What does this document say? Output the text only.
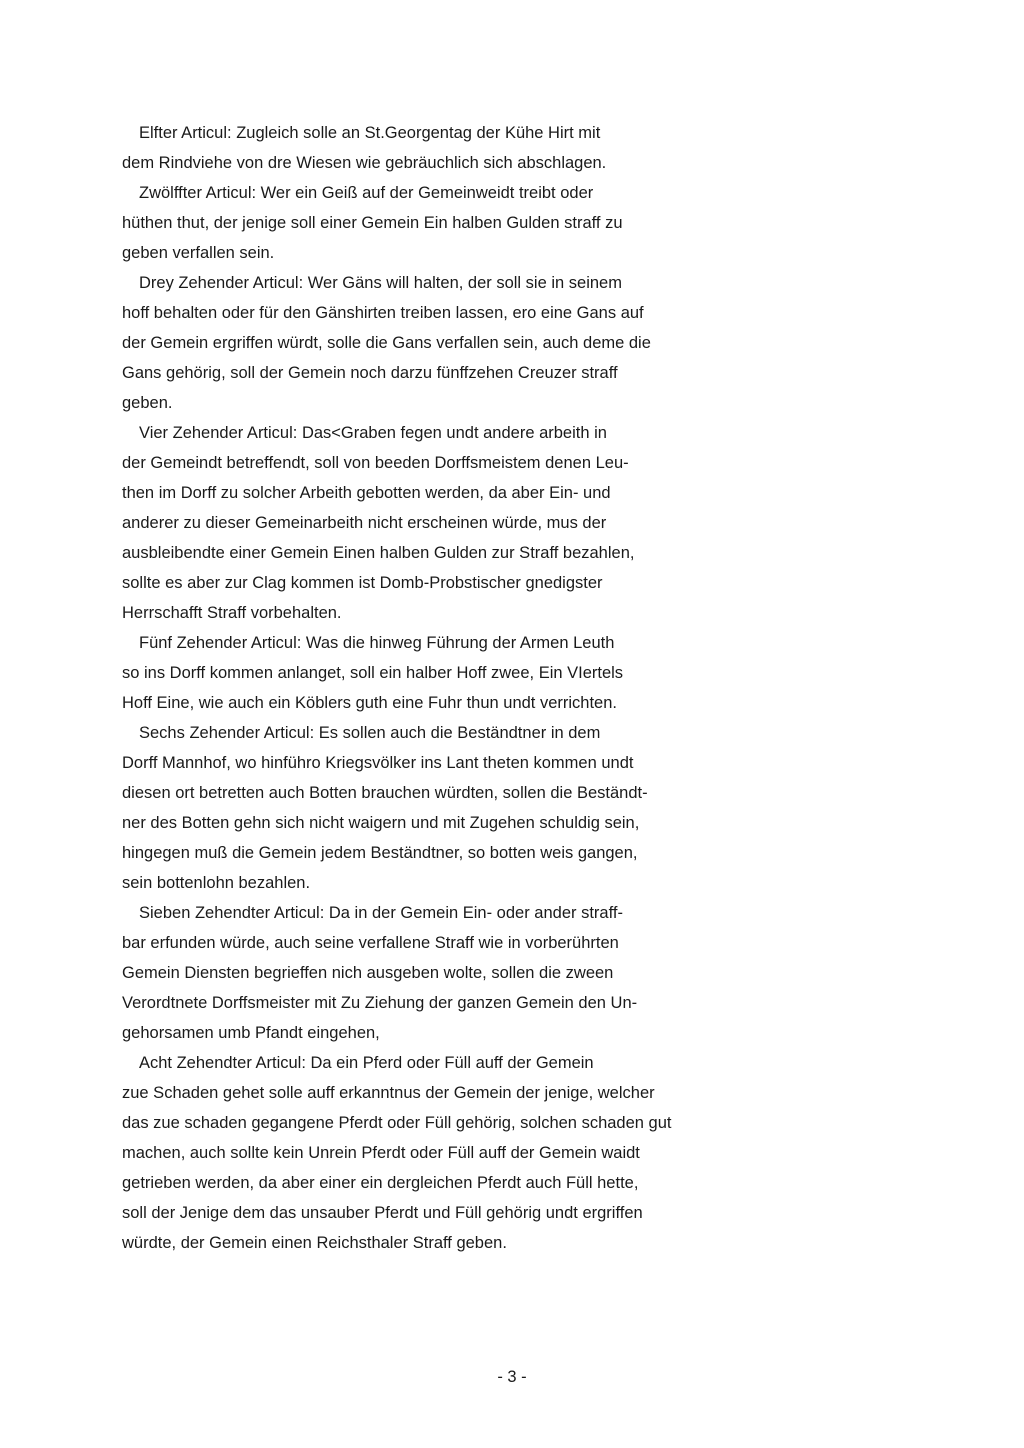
Elfter Articul: Zugleich solle an St.Georgentag der Kühe Hirt mit
dem Rindviehe von dre Wiesen wie gebräuchlich sich abschlagen.
Zwölffter Articul: Wer ein Geiß auf der Gemeinweidt treibt oder
hüthen thut, der jenige soll einer Gemein Ein halben Gulden straff zu
geben verfallen sein.
Drey Zehender Articul: Wer Gäns will halten, der soll sie in seinem
hoff behalten oder für den Gänshirten treiben lassen, ero eine Gans auf
der Gemein ergriffen würdt, solle die Gans verfallen sein, auch deme die
Gans gehörig, soll der Gemein noch darzu fünffzehen Creuzer straff
geben.
Vier Zehender Articul: Das<Graben fegen undt andere arbeith in
der Gemeindt betreffendt, soll von beeden Dorffsmeistem denen Leu-
then im Dorff zu solcher Arbeith gebotten werden, da aber Ein- und
anderer zu dieser Gemeinarbeith nicht erscheinen würde, mus der
ausbleibendte einer Gemein Einen halben Gulden zur Straff bezahlen,
sollte es aber zur Clag kommen ist Domb-Probstischer gnedigster
Herrschafft Straff vorbehalten.
Fünf Zehender Articul: Was die hinweg Führung der Armen Leuth
so ins Dorff kommen anlanget, soll ein halber Hoff zwee, Ein VIertels
Hoff Eine, wie auch ein Köblers guth eine Fuhr thun undt verrichten.
Sechs Zehender Articul: Es sollen auch die Beständtner in dem
Dorff Mannhof, wo hinführo Kriegsvölker ins Lant theten kommen undt
diesen ort betretten auch Botten brauchen würdten, sollen die Beständt-
ner des Botten gehn sich nicht waigern und mit Zugehen schuldig sein,
hingegen muß die Gemein jedem Beständtner, so botten weis gangen,
sein bottenlohn bezahlen.
Sieben Zehendter Articul: Da in der Gemein Ein- oder ander straff-
bar erfunden würde, auch seine verfallene Straff wie in vorberührten
Gemein Diensten begrieffen nich ausgeben wolte, sollen die zween
Verordtnete Dorffsmeister mit Zu Ziehung der ganzen Gemein den Un-
gehorsamen umb Pfandt eingehen,
Acht Zehendter Articul: Da ein Pferd oder Füll auff der Gemein
zue Schaden gehet solle auff erkanntnus der Gemein der jenige, welcher
das zue schaden gegangene Pferdt oder Füll gehörig, solchen schaden gut
machen, auch sollte kein Unrein Pferdt oder Füll auff der Gemein waidt
getrieben werden, da aber einer ein dergleichen Pferdt auch Füll hette,
soll der Jenige dem das unsauber Pferdt und Füll gehörig undt ergriffen
würdte, der Gemein einen Reichsthaler Straff geben.
- 3 -
